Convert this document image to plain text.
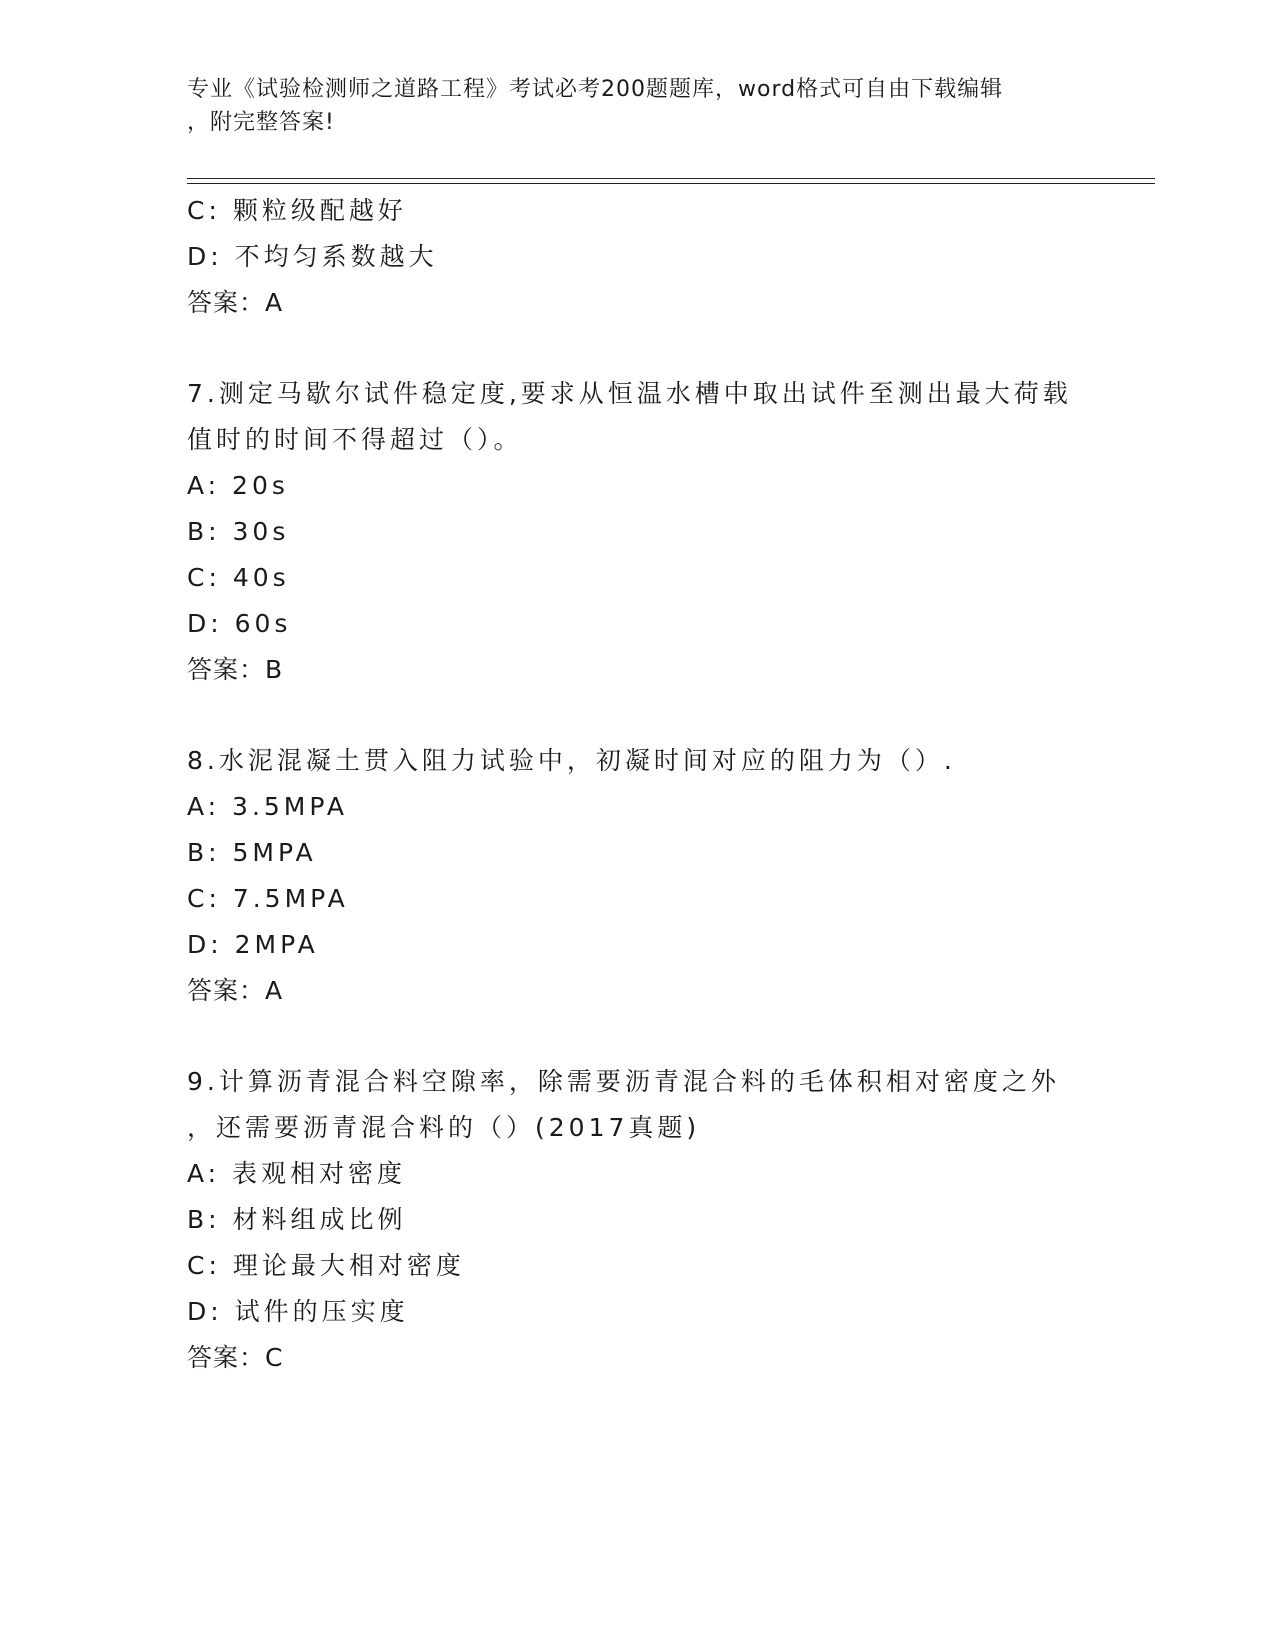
专业《试验检测师之道路工程》考试必考200题题库，word格式可自由下载编辑
，附完整答案!
C: 颗粒级配越好
D: 不均匀系数越大
答案：A
7.测定马歇尔试件稳定度,要求从恒温水槽中取出试件至测出最大荷载
值时的时间不得超过（）。
A: 20s
B: 30s
C: 40s
D: 60s
答案：B
8.水泥混凝土贯入阻力试验中，初凝时间对应的阻力为（）.
A: 3.5MPA
B: 5MPA
C: 7.5MPA
D: 2MPA
答案：A
9.计算沥青混合料空隙率，除需要沥青混合料的毛体积相对密度之外
，还需要沥青混合料的（）(2017真题)
A: 表观相对密度
B: 材料组成比例
C: 理论最大相对密度
D: 试件的压实度
答案：C
